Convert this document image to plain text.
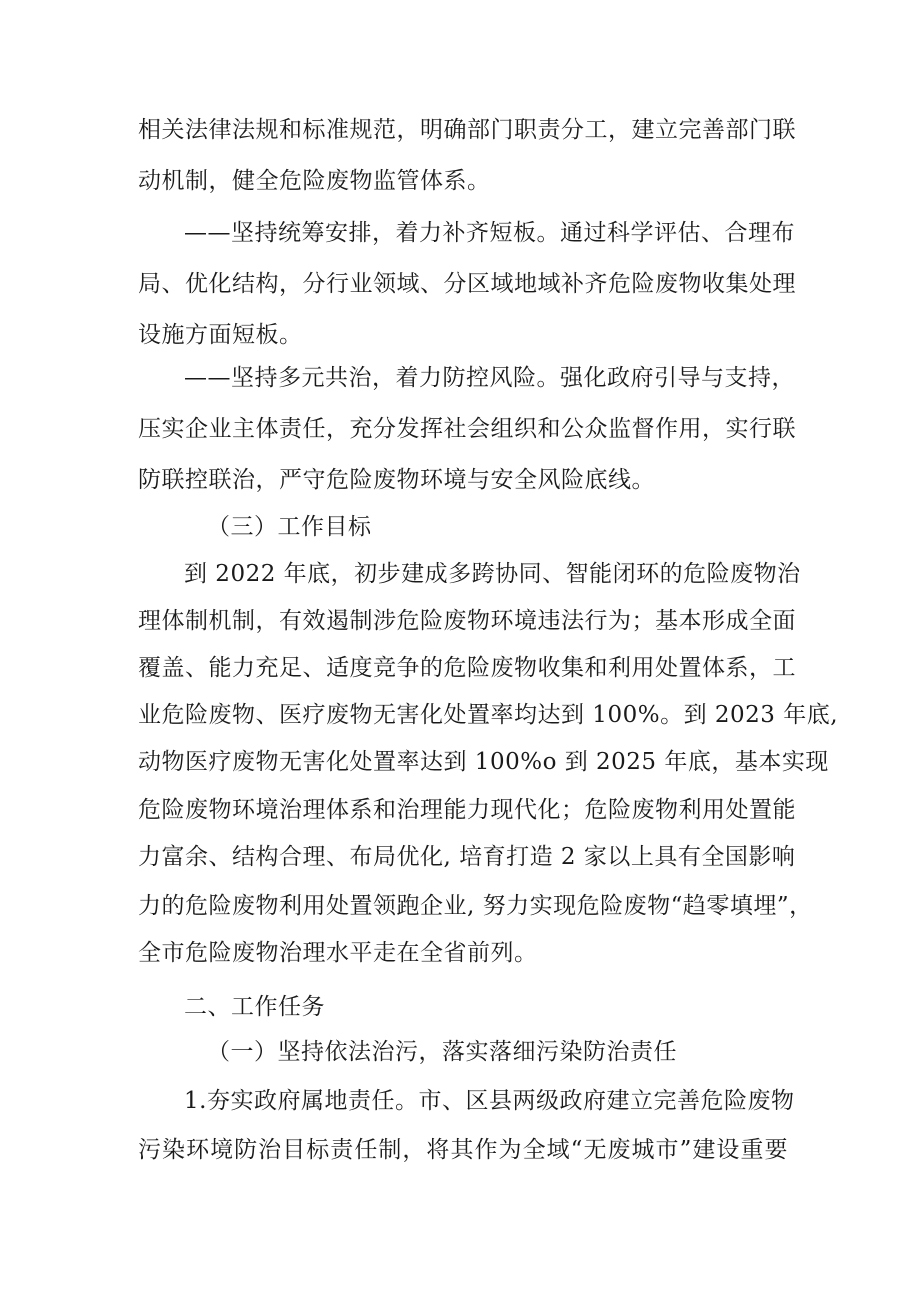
相关法律法规和标准规范，明确部门职责分工，建立完善部门联
动机制，健全危险废物监管体系。
——坚持统筹安排，着力补齐短板。通过科学评估、合理布
局、优化结构，分行业领域、分区域地域补齐危险废物收集处理
设施方面短板。
——坚持多元共治，着力防控风险。强化政府引导与支持，
压实企业主体责任，充分发挥社会组织和公众监督作用，实行联
防联控联治，严守危险废物环境与安全风险底线。
（三）工作目标
到 2022 年底，初步建成多跨协同、智能闭环的危险废物治
理体制机制，有效遏制涉危险废物环境违法行为；基本形成全面
覆盖、能力充足、适度竞争的危险废物收集和利用处置体系，工
业危险废物、医疗废物无害化处置率均达到 100%。到 2023 年底,
动物医疗废物无害化处置率达到 100%o 到 2025 年底，基本实现
危险废物环境治理体系和治理能力现代化；危险废物利用处置能
力富余、结构合理、布局优化, 培育打造 2 家以上具有全国影响
力的危险废物利用处置领跑企业, 努力实现危险废物“趋零填埋”，
全市危险废物治理水平走在全省前列。
二、工作任务
（一）坚持依法治污，落实落细污染防治责任
1.夯实政府属地责任。市、区县两级政府建立完善危险废物
污染环境防治目标责任制，将其作为全域“无废城市”建设重要
